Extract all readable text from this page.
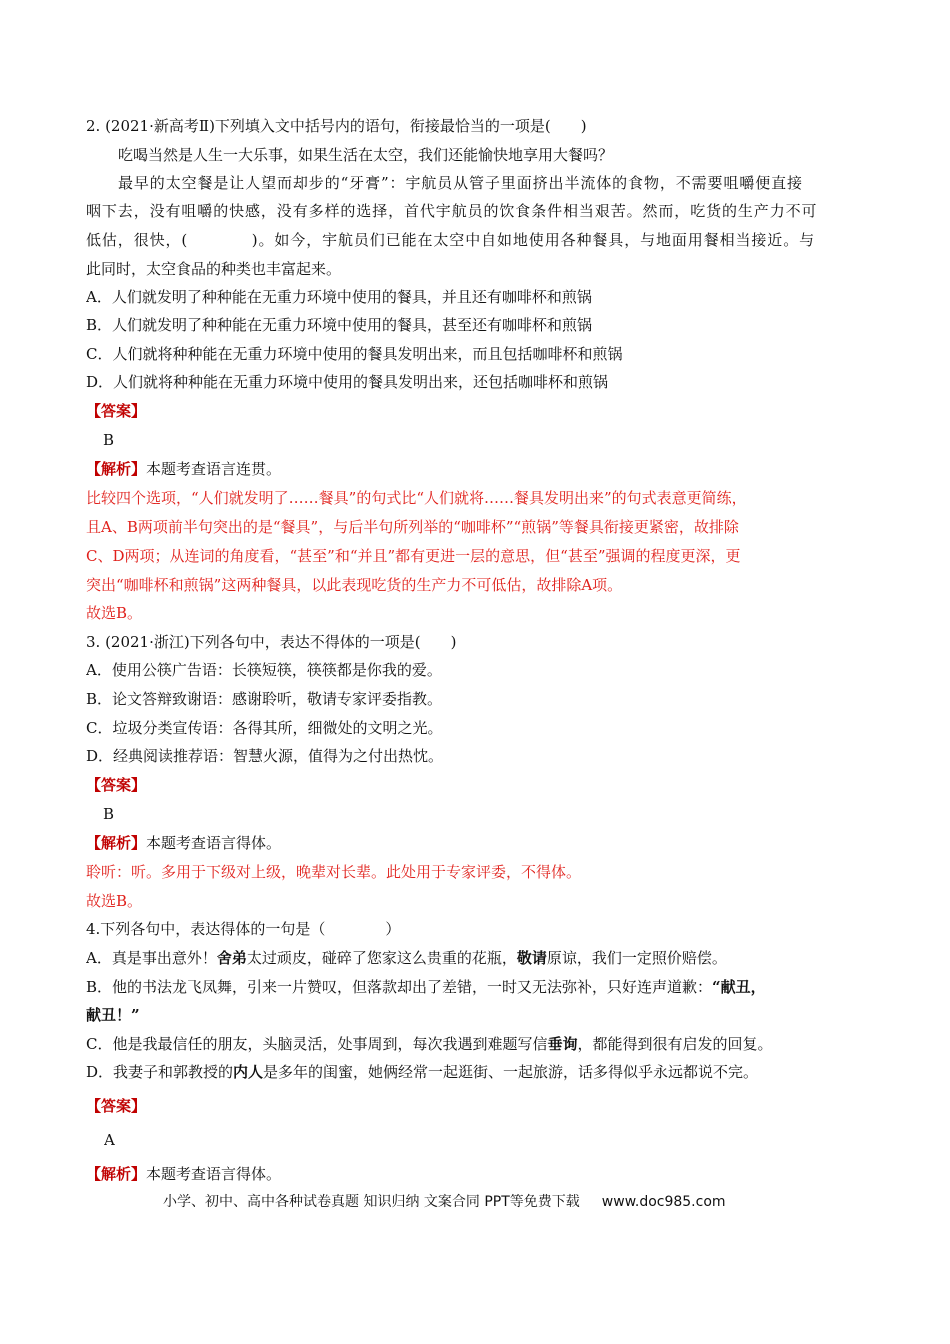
2. (2021·新高考Ⅱ)下列填入文中括号内的语句，衔接最恰当的一项是(　　)
吃喝当然是人生一大乐事，如果生活在太空，我们还能愉快地享用大餐吗？
最早的太空餐是让人望而却步的“牙膏”：宇航员从管子里面挤出半流体的食物，不需要咀嚼便直接
咽下去，没有咀嚼的快感，没有多样的选择，首代宇航员的饮食条件相当艰苦。然而，吃货的生产力不可
低估，很快，(　　　　)。如今，宇航员们已能在太空中自如地使用各种餐具，与地面用餐相当接近。与
此同时，太空食品的种类也丰富起来。
A．人们就发明了种种能在无重力环境中使用的餐具，并且还有咖啡杯和煎锅
B．人们就发明了种种能在无重力环境中使用的餐具，甚至还有咖啡杯和煎锅
C．人们就将种种能在无重力环境中使用的餐具发明出来，而且包括咖啡杯和煎锅
D．人们就将种种能在无重力环境中使用的餐具发明出来，还包括咖啡杯和煎锅
【答案】
B
【解析】本题考查语言连贯。
比较四个选项，“人们就发明了……餐具”的句式比“人们就将……餐具发明出来”的句式表意更简练，
且A、B两项前半句突出的是“餐具”，与后半句所列举的“咖啡杯”“煎锅”等餐具衔接更紧密，故排除
C、D两项；从连词的角度看，“甚至”和“并且”都有更进一层的意思，但“甚至”强调的程度更深，更
突出“咖啡杯和煎锅”这两种餐具，以此表现吃货的生产力不可低估，故排除A项。
故选B。
3. (2021·浙江)下列各句中，表达不得体的一项是(　　)
A．使用公筷广告语：长筷短筷，筷筷都是你我的爱。
B．论文答辩致谢语：感谢聆听，敬请专家评委指教。
C．垃圾分类宣传语：各得其所，细微处的文明之光。
D．经典阅读推荐语：智慧火源，值得为之付出热忱。
【答案】
B
【解析】本题考查语言得体。
聆听：听。多用于下级对上级，晚辈对长辈。此处用于专家评委，不得体。
故选B。
4.下列各句中，表达得体的一句是（　　　　）
A．真是事出意外！舍弟太过顽皮，碰碎了您家这么贵重的花瓶，敬请原谅，我们一定照价赔偿。
B．他的书法龙飞凤舞，引来一片赞叹，但落款却出了差错，一时又无法弥补，只好连声道歉：“献丑，
献丑！”
C．他是我最信任的朋友，头脑灵活，处事周到，每次我遇到难题写信垂询，都能得到很有启发的回复。
D．我妻子和郭教授的内人是多年的闺蜜，她俩经常一起逛街、一起旅游，话多得似乎永远都说不完。
【答案】
A
【解析】本题考查语言得体。
小学、初中、高中各种试卷真题 知识归纳 文案合同 PPT等免费下载 www.doc985.com
